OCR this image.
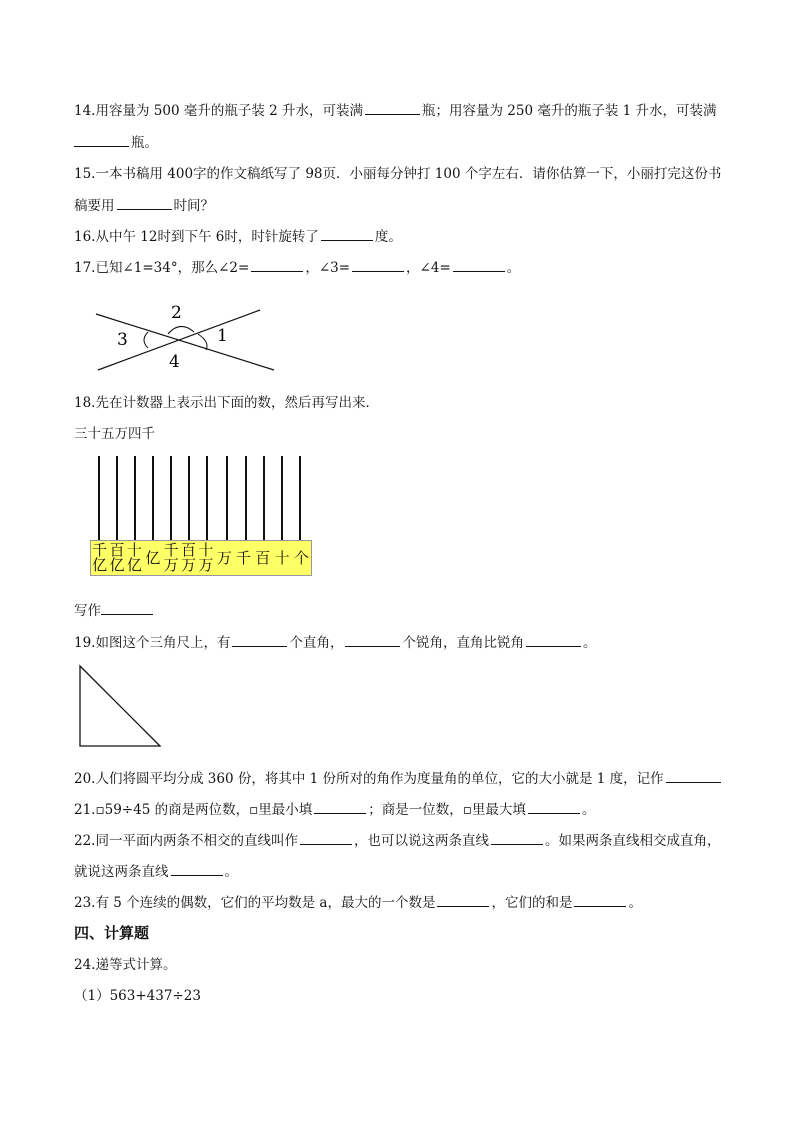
14.用容量为 500 毫升的瓶子装 2 升水，可装满	瓶；用容量为 250 毫升的瓶子装 1 升水，可装满
瓶。
15.一本书稿用 400字的作文稿纸写了 98页．小丽每分钟打 100 个字左右．请你估算一下，小丽打完这份书
稿要用	时间？
16.从中午 12时到下午 6时，时针旋转了	度。
17.已知∠1=34°，那么∠2=	，∠3=	，∠4=	。
2
1
3
4
18.先在计数器上表示出下面的数，然后再写出来．
三十五万四千
千亿
百亿
十亿 亿 千万
百万
十万 万 千 百 十 个
写作
19.如图这个三角尺上，有	个直角，	个锐角，直角比锐角	。
20.人们将圆平均分成 360 份，将其中 1 份所对的角作为度量角的单位，它的大小就是 1 度，记作
21.▫59÷45 的商是两位数，▫里最小填	；商是一位数，▫里最大填	。
22.同一平面内两条不相交的直线叫作	，也可以说这两条直线	。如果两条直线相交成直角，
就说这两条直线	。
23.有 5 个连续的偶数，它们的平均数是 a，最大的一个数是	，它们的和是	。
四、计算题
24.递等式计算。
（1）563+437÷23
